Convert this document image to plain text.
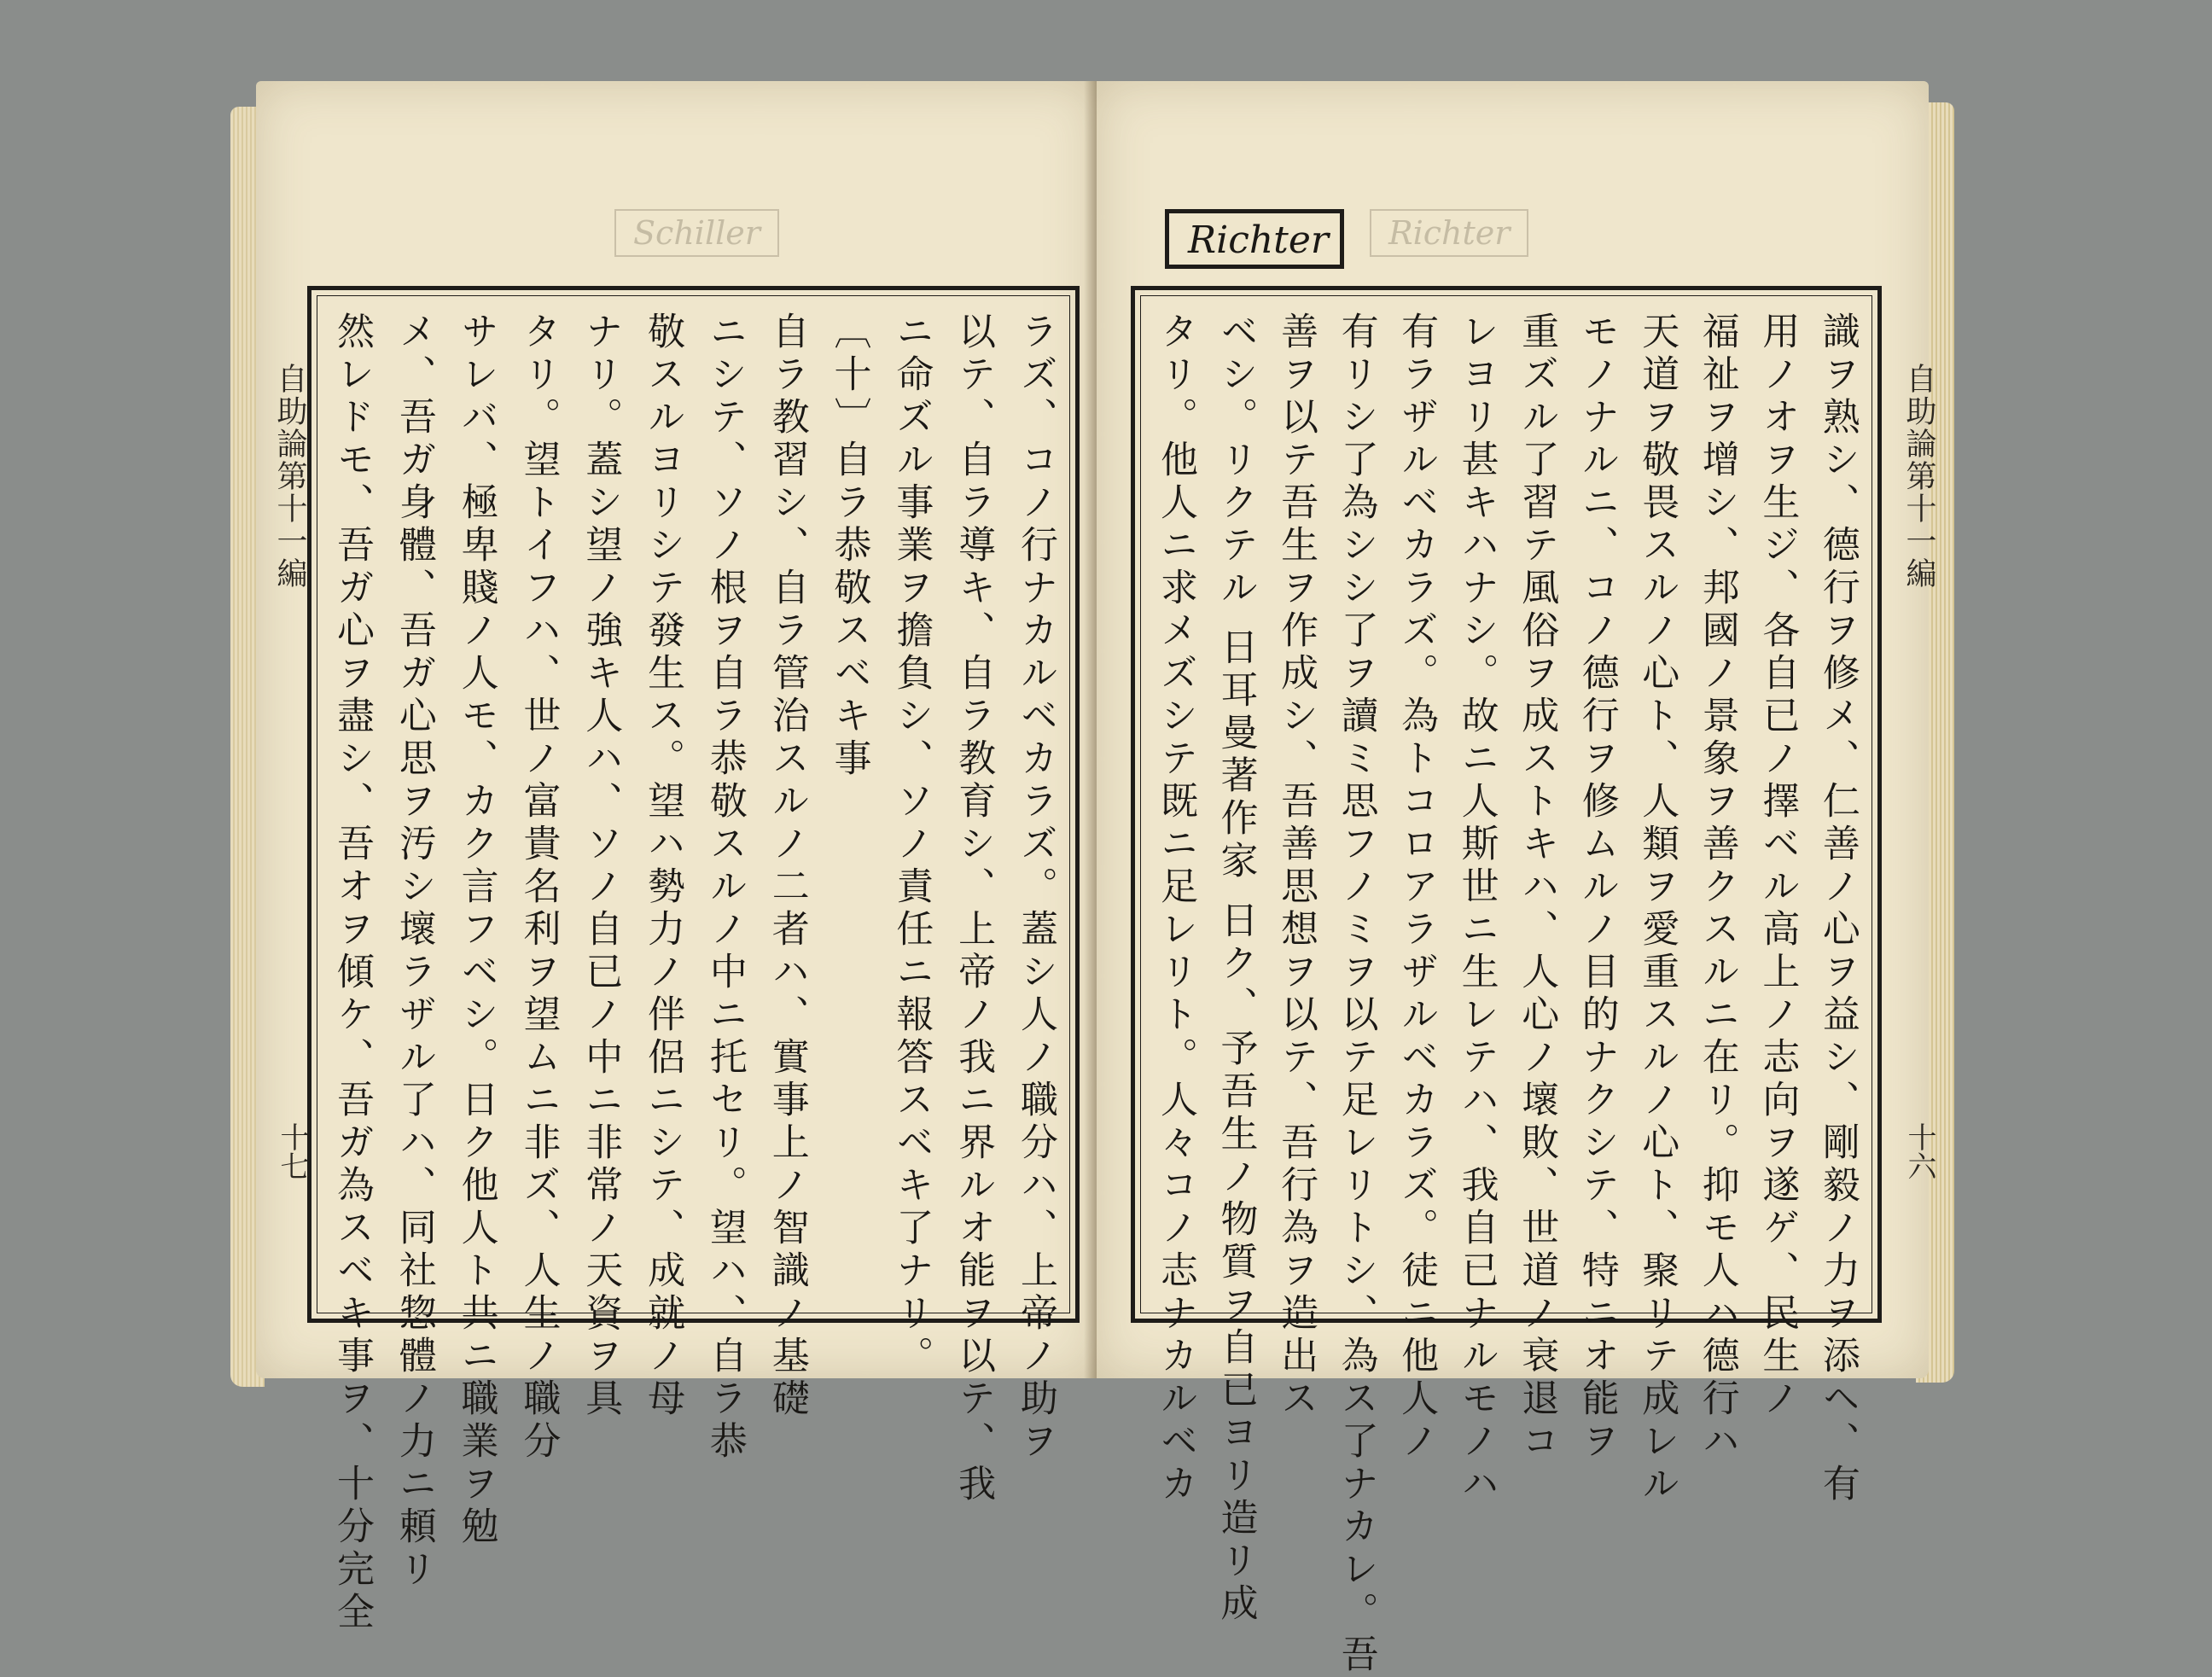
自助論第十一編
十七
Schiller
ラズ、コノ行ナカルベカラズ。蓋シ人ノ職分ハ、上帝ノ助ヲ
以テ、自ラ導キ、自ラ教育シ、上帝ノ我ニ界ルオ能ヲ以テ、我
ニ命ズル事業ヲ擔負シ、ソノ責任ニ報答スベキ了ナリ。
〔十〕自ラ恭敬スベキ事
自ラ教習シ、自ラ管治スルノ二者ハ、實事上ノ智識ノ基礎
ニシテ、ソノ根ヲ自ラ恭敬スルノ中ニ托セリ。望ハ、自ラ恭
敬スルヨリシテ發生ス。望ハ勢力ノ伴侶ニシテ、成就ノ母
ナリ。蓋シ望ノ強キ人ハ、ソノ自已ノ中ニ非常ノ天資ヲ具
タリ。望トイフハ、世ノ富貴名利ヲ望ムニ非ズ、人生ノ職分
サレバ、極卑賤ノ人モ、カク言フベシ。日ク他人ト共ニ職業ヲ勉
メ、吾ガ身體、吾ガ心思ヲ汚シ壞ラザル了ハ、同社惣體ノ力ニ頼リ
然レドモ、吾ガ心ヲ盡シ、吾オヲ傾ケ、吾ガ為スベキ事ヲ、十分完全	自助論第十一編
十六
Richter
識ヲ熟シ、德行ヲ修メ、仁善ノ心ヲ益シ、剛毅ノ力ヲ添ヘ、有
用ノオヲ生ジ、各自已ノ擇ベル高上ノ志向ヲ遂ゲ、民生ノ
福祉ヲ增シ、邦國ノ景象ヲ善クスルニ在リ。抑モ人ハ德行ハ
天道ヲ敬畏スルノ心ト、人類ヲ愛重スルノ心ト、聚リテ成レル
モノナルニ、コノ德行ヲ修ムルノ目的ナクシテ、特ニオ能ヲ
重ズル了習テ風俗ヲ成ストキハ、人心ノ壞敗、世道ノ衰退コ
レヨリ甚キハナシ。故ニ人斯世ニ生レテハ、我自已ナルモノハ
有ラザルベカラズ。為トコロアラザルベカラズ。徒ニ他人ノ
有リシ了為シシ了ヲ讀ミ思フノミヲ以テ足レリトシ、為ス了ナカレ。吾
善ヲ以テ吾生ヲ作成シ、吾善思想ヲ以テ、吾行為ヲ造出ス
ベシ。リクテル 日耳曼著作家 日ク、予吾生ノ物質ヲ自已ヨリ造リ成
タリ。他人ニ求メズシテ既ニ足レリト。人々コノ志ナカルベカ
Richter
